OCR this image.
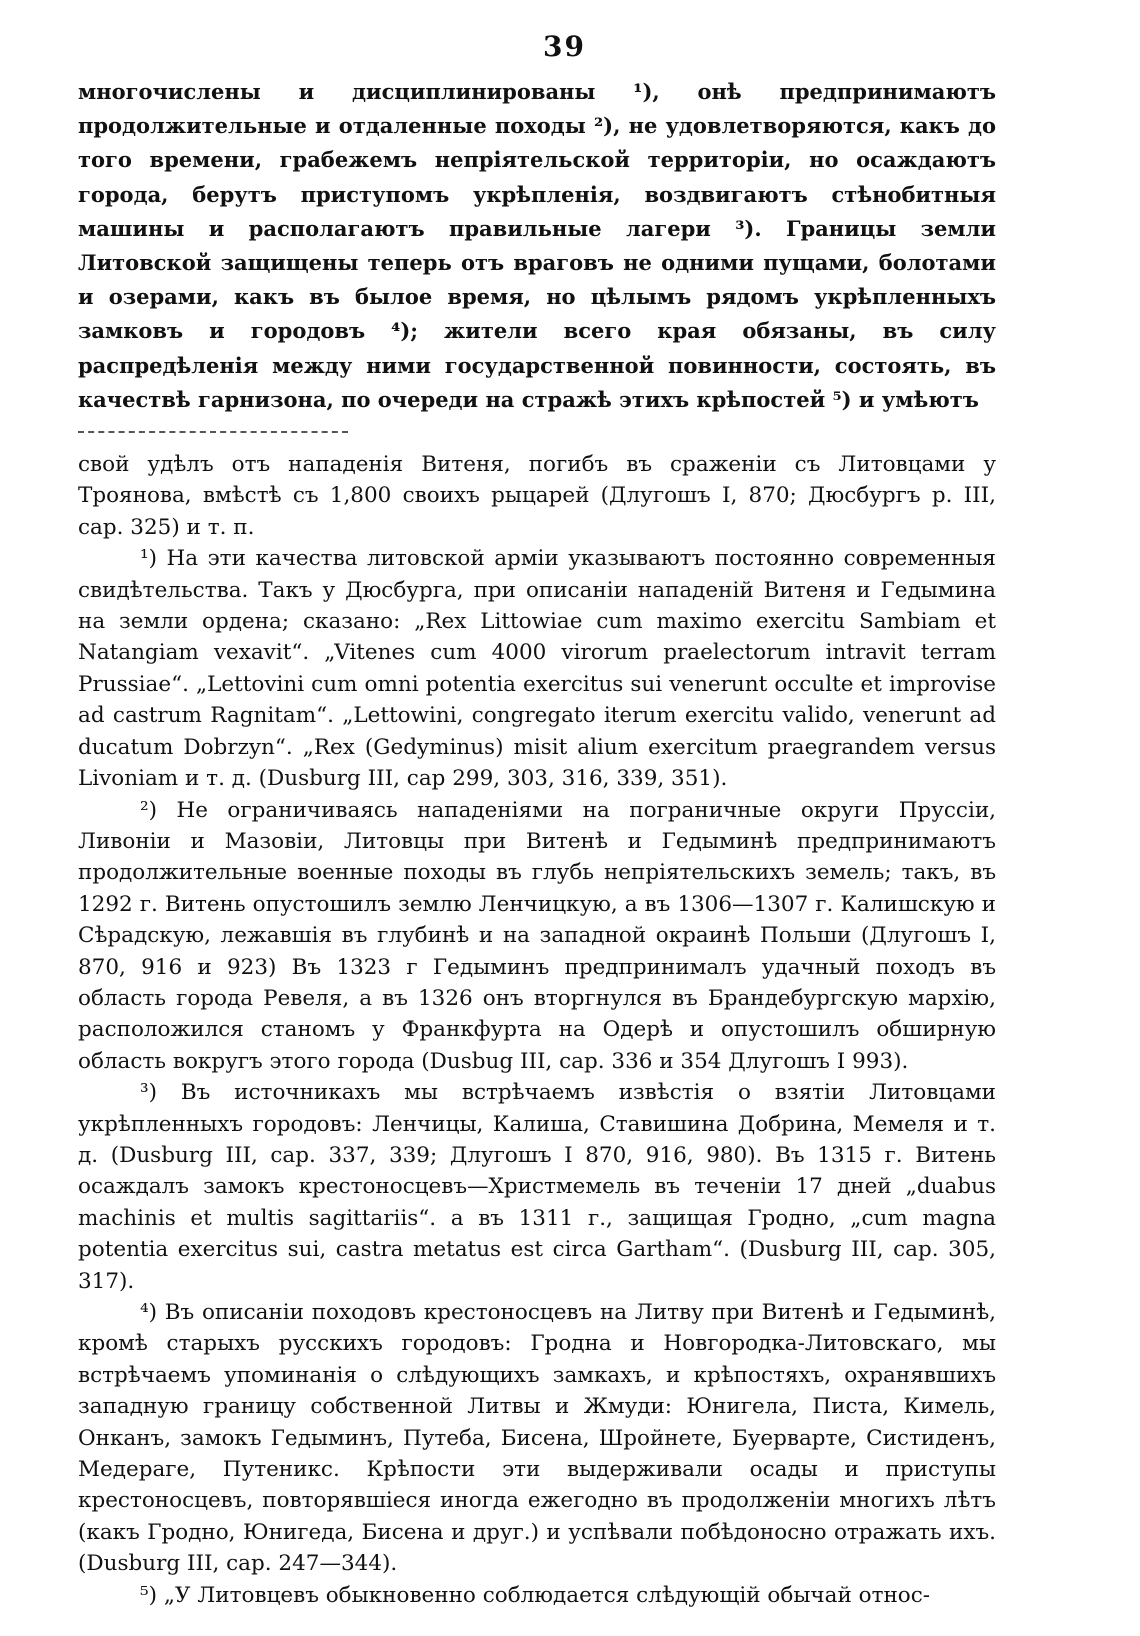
39

многочислены и дисциплинированы ¹), онѣ предпринимаютъ продолжительные и отдаленные походы ²), не удовлетворяются, какъ до того времени, грабежемъ непріятельской территоріи, но осаждаютъ города, берутъ приступомъ укрѣпленія, воздвигаютъ стѣнобитныя машины и располагаютъ правильные лагери ³). Границы земли Литовской защищены теперь отъ враговъ не одними пущами, болотами и озерами, какъ въ былое время, но цѣлымъ рядомъ укрѣпленныхъ замковъ и городовъ ⁴); жители всего края обязаны, въ силу распредѣленія между ними государственной повинности, состоять, въ качествѣ гарнизона, по очереди на стражѣ этихъ крѣпостей ⁵) и умѣютъ

свой удѣлъ отъ нападенія Витеня, погибъ въ сраженіи съ Литовцами у Троянова, вмѣстѣ съ 1,800 своихъ рыцарей (Длугошъ I, 870; Дюсбургъ р. III, cap. 325) и т. п.

¹) На эти качества литовской арміи указываютъ постоянно современныя свидѣтельства. Такъ у Дюсбурга, при описаніи нападеній Витеня и Гедымина на земли ордена; сказано: „Rex Littowiae cum maximo exercitu Sambiam et Natangiam vexavit“. „Vitenes cum 4000 virorum praelectorum intravit terram Prussiae“. „Lettovini cum omni potentia exercitus sui venerunt occulte et improvise ad castrum Ragnitam“. „Lettowini, congregato iterum exercitu valido, venerunt ad ducatum Dobrzyn“. „Rex (Gedyminus) misit alium exercitum praegrandem versus Livoniam и т. д. (Dusburg III, cap 299, 303, 316, 339, 351).

²) Не ограничиваясь нападеніями на пограничные округи Пруссіи, Ливоніи и Мазовіи, Литовцы при Витенѣ и Гедыминѣ предпринимаютъ продолжительные военные походы въ глубь непріятельскихъ земель; такъ, въ 1292 г. Витень опустошилъ землю Ленчицкую, а въ 1306—1307 г. Калишскую и Сѣрадскую, лежавшія въ глубинѣ и на западной окраинѣ Польши (Длугошъ I, 870, 916 и 923) Въ 1323 г Гедыминъ предпринималъ удачный походъ въ область города Ревеля, а въ 1326 онъ вторгнулся въ Брандебургскую мархію, расположился станомъ у Франкфурта на Одерѣ и опустошилъ обширную область вокругъ этого города (Dusbug III, cap. 336 и 354 Длугошъ I 993).

³) Въ источникахъ мы встрѣчаемъ извѣстія о взятіи Литовцами укрѣпленныхъ городовъ: Ленчицы, Калиша, Ставишина Добрина, Мемеля и т. д. (Dusburg III, cap. 337, 339; Длугошъ I 870, 916, 980). Въ 1315 г. Витень осаждалъ замокъ крестоносцевъ—Христмемель въ теченіи 17 дней „duabus machinis et multis sagittariis“. а въ 1311 г., защищая Гродно, „cum magna potentia exercitus sui, castra metatus est circa Gartham“. (Dusburg III, cap. 305, 317).

⁴) Въ описаніи походовъ крестоносцевъ на Литву при Витенѣ и Гедыминѣ, кромѣ старыхъ русскихъ городовъ: Гродна и Новгородка-Литовскаго, мы встрѣчаемъ упоминанія о слѣдующихъ замкахъ, и крѣпостяхъ, охранявшихъ западную границу собственной Литвы и Жмуди: Юнигела, Писта, Кимель, Онканъ, замокъ Гедыминъ, Путеба, Бисена, Шройнете, Буерварте, Систиденъ, Медераге, Путеникс. Крѣпости эти выдерживали осады и приступы крестоносцевъ, повторявшіеся иногда ежегодно въ продолженіи многихъ лѣтъ (какъ Гродно, Юнигеда, Бисена и друг.) и успѣвали побѣдоносно отражать ихъ. (Dusburg III, cap. 247—344).

⁵) „У Литовцевъ обыкновенно соблюдается слѣдующій обычай относ-
